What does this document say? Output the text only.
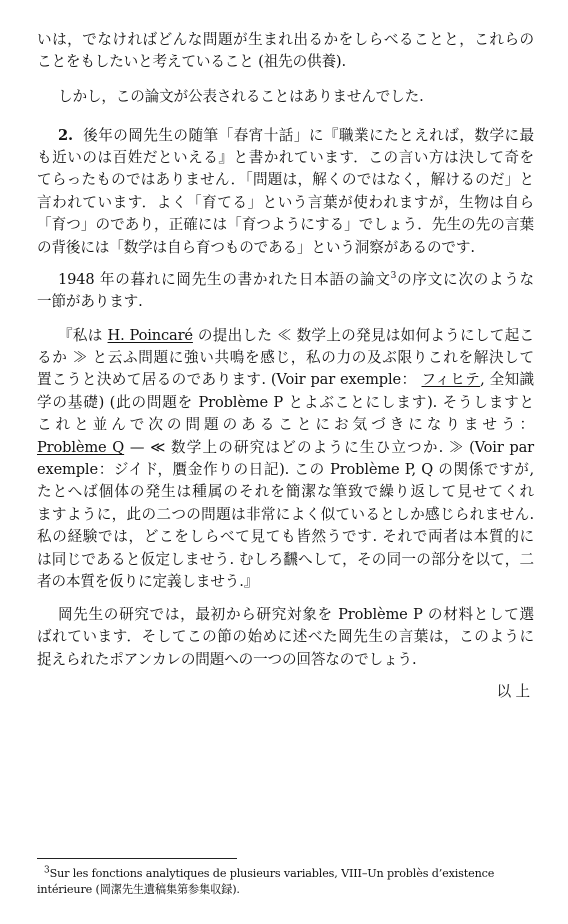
いは，でなければどんな問題が生まれ出るかをしらべることと，これらの
ことをもしたいと考えていること (祖先の供養).
しかし，この論文が公表されることはありませんでした.
2. 後年の岡先生の随筆「春宵十話」に『職業にたとえれば，数学に最
も近いのは百姓だといえる』と書かれています．この言い方は決して奇を
てらったものではありません．「問題は，解くのではなく，解けるのだ」と
言われています．よく「育てる」という言葉が使われますが，生物は自ら
「育つ」のであり，正確には「育つようにする」でしょう．先生の先の言葉
の背後には「数学は自ら育つものである」という洞察があるのです.
1948 年の暮れに岡先生の書かれた日本語の論文$^3$の序文に次のような
一節があります.
『私は H. Poincaré の提出した ≪ 数学上の発見は如何ようにして起こ
るか ≫ と云ふ問題に強い共鳴を感じ，私の力の及ぶ限りこれを解決して
置こうと決めて居るのであります. (Voir par exemple： フィヒテ, 全知識
学の基礎) (此の問題を Problème P とよぶことにします). そうしますと
これと並んで次の問題のあることにお気づきになりませう：
Problème Q — ≪ 数学上の研究はどのように生ひ立つか. ≫ (Voir par
exemple：ジイド，贋金作りの日記). この Problème P, Q の関係ですが,
たとへば個体の発生は種属のそれを簡潔な筆致で繰り返して見せてくれ
ますように，此の二つの問題は非常によく似ているとしか感じられません.
私の経験では，どこをしらべて見ても皆然うです. それで両者は本質的に
は同じであると仮定しませう. むしろ飜へして，その同一の部分を以て，二
者の本質を仮りに定義しませう.』
岡先生の研究では，最初から研究対象を Problème P の材料として選
ばれています．そしてこの節の始めに述べた岡先生の言葉は，このように
捉えられたポアンカレの問題への一つの回答なのでしょう.
以 上
$^3$Sur les fonctions analytiques de plusieurs variables, VIII–Un problès d’existence
intérieure (岡潔先生遺稿集第参集収録).
